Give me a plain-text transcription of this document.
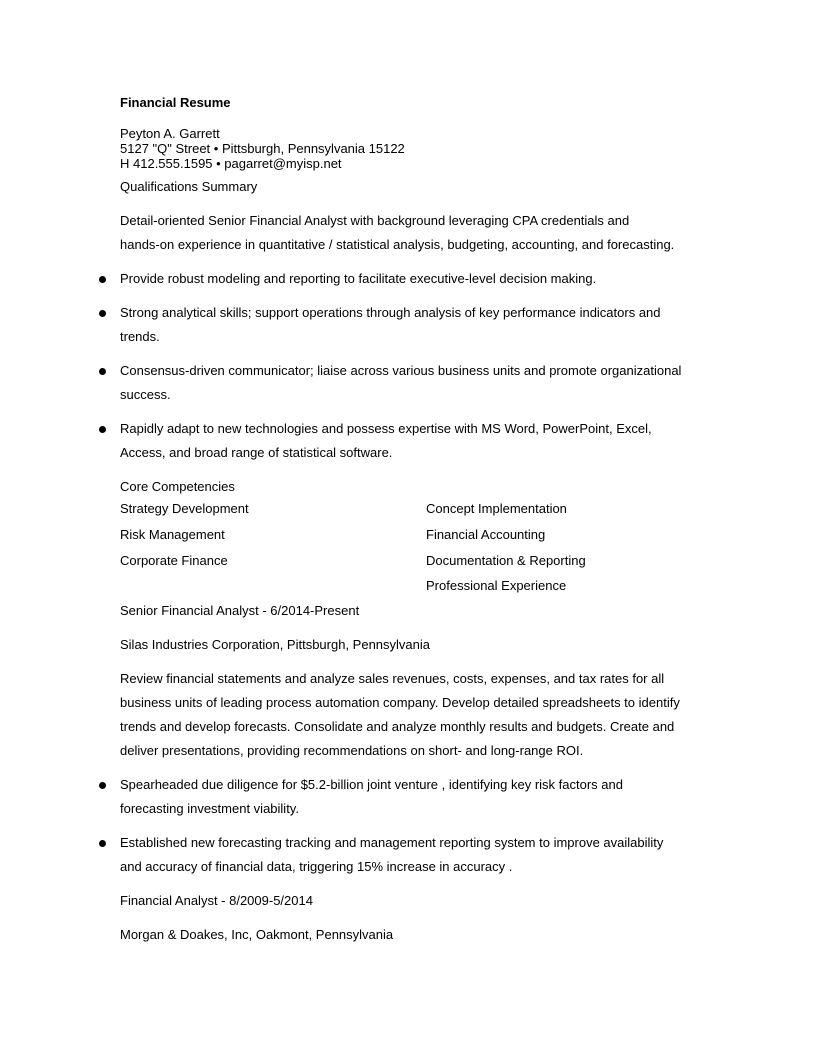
Financial Resume
Peyton A. Garrett
5127 "Q" Street • Pittsburgh, Pennsylvania 15122
H 412.555.1595 • pagarret@myisp.net
Qualifications Summary
Detail-oriented Senior Financial Analyst with background leveraging CPA credentials and
hands-on experience in quantitative / statistical analysis, budgeting, accounting, and forecasting.
Provide robust modeling and reporting to facilitate executive-level decision making.
Strong analytical skills; support operations through analysis of key performance indicators and
trends.
Consensus-driven communicator; liaise across various business units and promote organizational
success.
Rapidly adapt to new technologies and possess expertise with MS Word, PowerPoint, Excel,
Access, and broad range of statistical software.
Core Competencies
Strategy Development	Concept Implementation
Risk Management	Financial Accounting
Corporate Finance	Documentation & Reporting
Professional Experience
Senior Financial Analyst - 6/2014-Present
Silas Industries Corporation, Pittsburgh, Pennsylvania
Review financial statements and analyze sales revenues, costs, expenses, and tax rates for all
business units of leading process automation company. Develop detailed spreadsheets to identify
trends and develop forecasts. Consolidate and analyze monthly results and budgets. Create and
deliver presentations, providing recommendations on short- and long-range ROI.
Spearheaded due diligence for $5.2-billion joint venture , identifying key risk factors and
forecasting investment viability.
Established new forecasting tracking and management reporting system to improve availability
and accuracy of financial data, triggering 15% increase in accuracy .
Financial Analyst - 8/2009-5/2014
Morgan & Doakes, Inc, Oakmont, Pennsylvania
